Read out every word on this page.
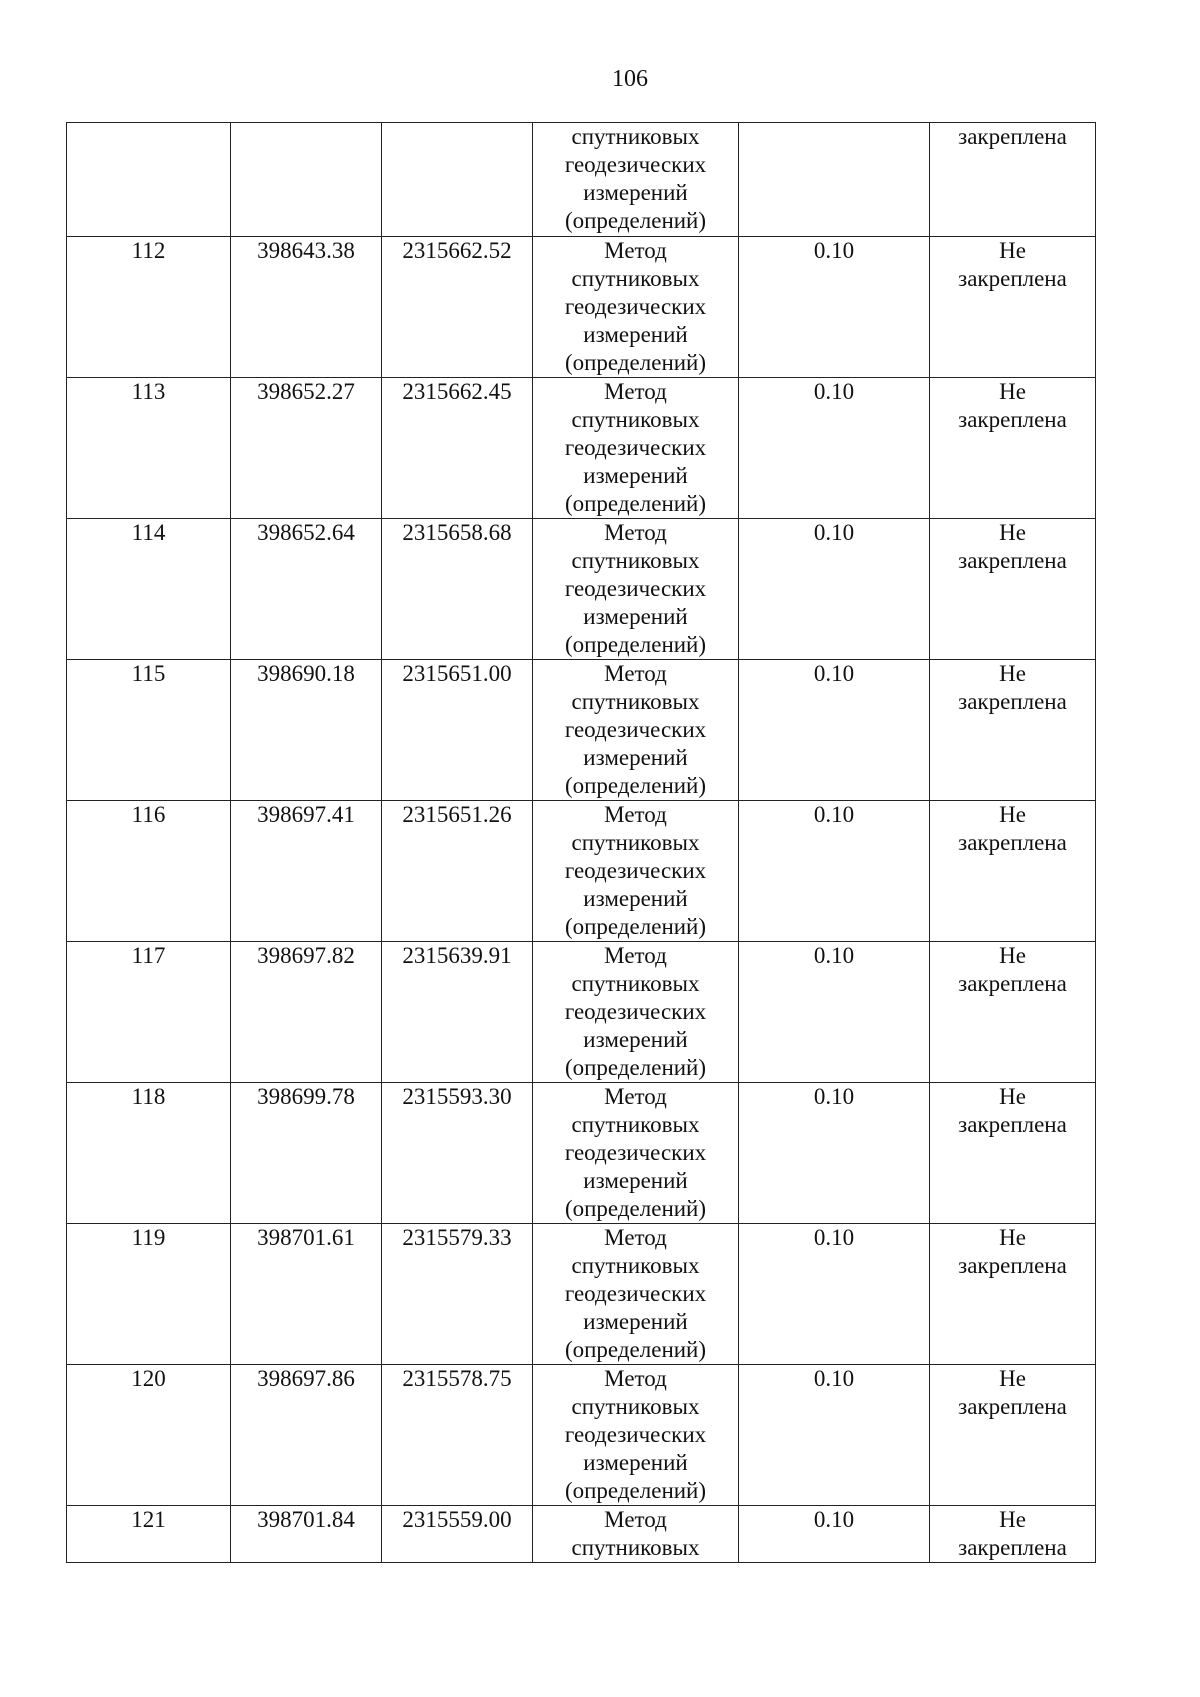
106
			спутниковых
геодезических
измерений
(определений)		закреплена
112	398643.38	2315662.52	Метод
спутниковых
геодезических
измерений
(определений)	0.10	Не
закреплена
113	398652.27	2315662.45	Метод
спутниковых
геодезических
измерений
(определений)	0.10	Не
закреплена
114	398652.64	2315658.68	Метод
спутниковых
геодезических
измерений
(определений)	0.10	Не
закреплена
115	398690.18	2315651.00	Метод
спутниковых
геодезических
измерений
(определений)	0.10	Не
закреплена
116	398697.41	2315651.26	Метод
спутниковых
геодезических
измерений
(определений)	0.10	Не
закреплена
117	398697.82	2315639.91	Метод
спутниковых
геодезических
измерений
(определений)	0.10	Не
закреплена
118	398699.78	2315593.30	Метод
спутниковых
геодезических
измерений
(определений)	0.10	Не
закреплена
119	398701.61	2315579.33	Метод
спутниковых
геодезических
измерений
(определений)	0.10	Не
закреплена
120	398697.86	2315578.75	Метод
спутниковых
геодезических
измерений
(определений)	0.10	Не
закреплена
121	398701.84	2315559.00	Метод
спутниковых	0.10	Не
закреплена
